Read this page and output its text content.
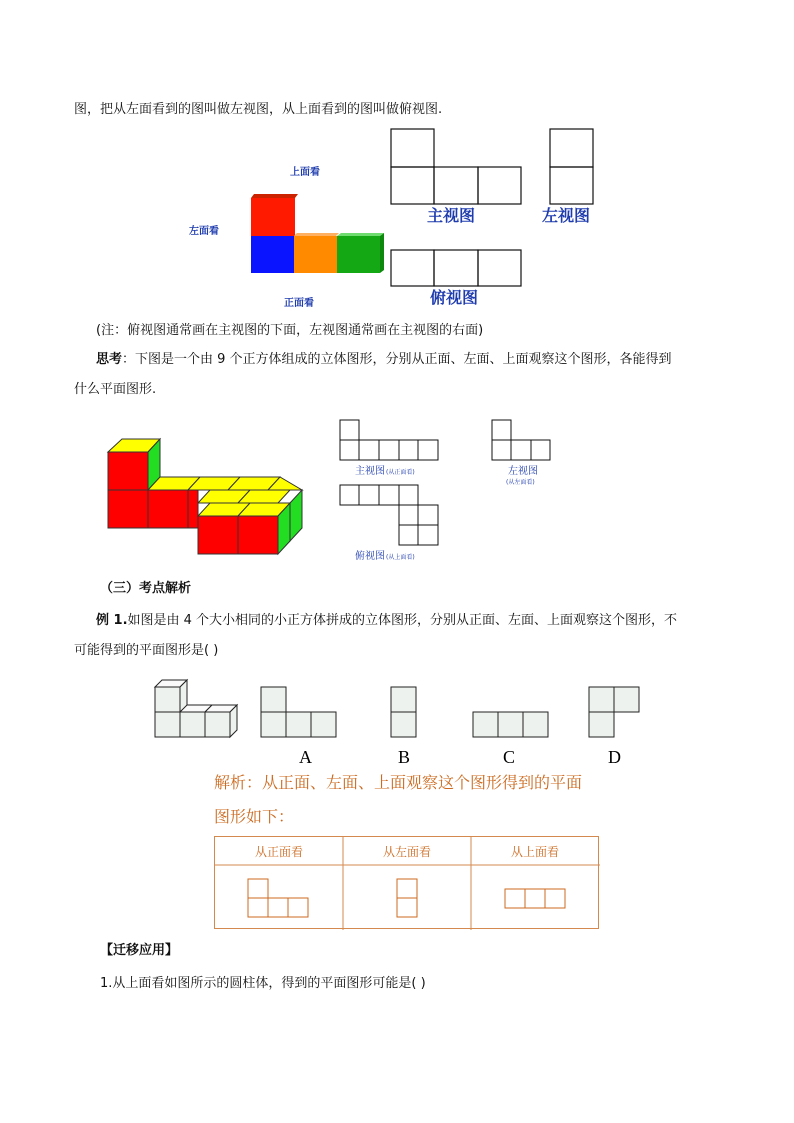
图，把从左面看到的图叫做左视图，从上面看到的图叫做俯视图.
上面看
左面看
正面看
主视图	左视图
俯视图
(注：俯视图通常画在主视图的下面，左视图通常画在主视图的右面)
思考：下图是一个由 9 个正方体组成的立体图形，分别从正面、左面、上面观察这个图形，各能得到
什么平面图形.
主视图(从正面看)	左视图
(从左面看)
俯视图(从上面看)
（三）考点解析
例 1.如图是由 4 个大小相同的小正方体拼成的立体图形，分别从正面、左面、上面观察这个图形，不
可能得到的平面图形是( )
A	B	C	D
解析：从正面、左面、上面观察这个图形得到的平面
图形如下：
从正面看	从左面看	从上面看
【迁移应用】
1.从上面看如图所示的圆柱体，得到的平面图形可能是( )
